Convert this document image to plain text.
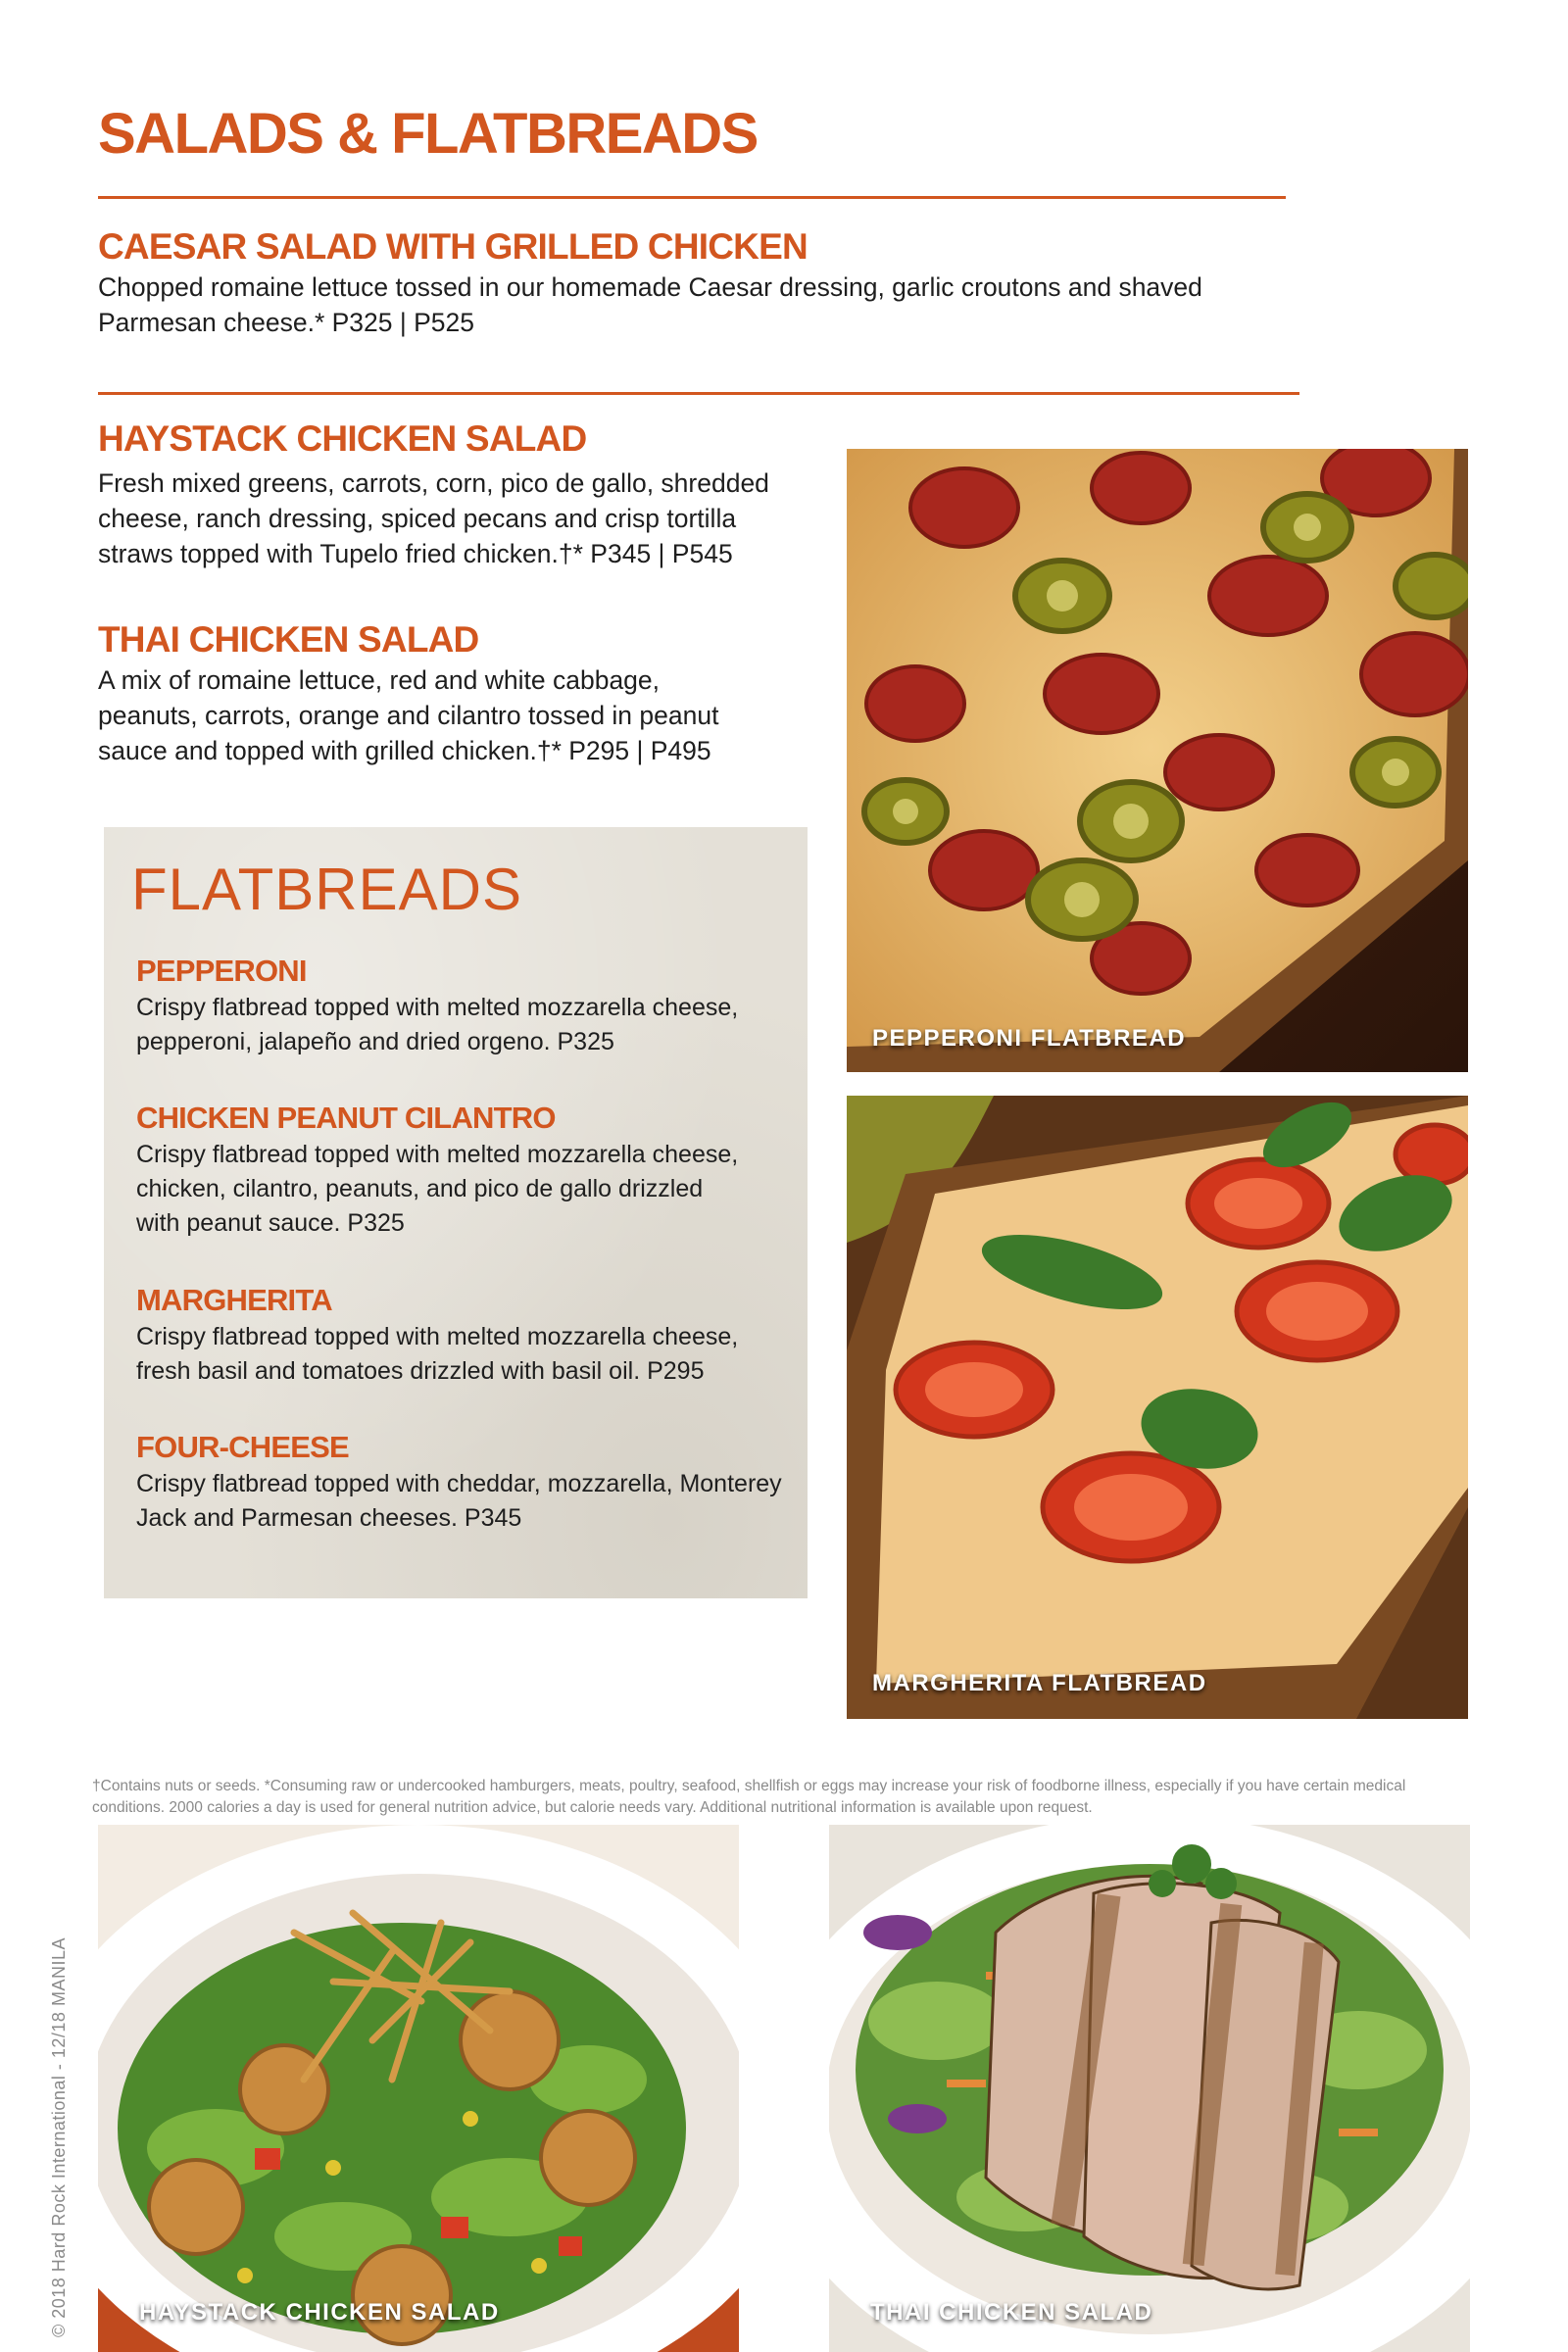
SALADS & FLATBREADS
CAESAR SALAD WITH GRILLED CHICKEN

Chopped romaine lettuce tossed in our homemade Caesar dressing, garlic croutons and shaved
Parmesan cheese.* P325 | P525

HAYSTACK CHICKEN SALAD

Fresh mixed greens, carrots, corn, pico de gallo, shredded
cheese, ranch dressing, spiced pecans and crisp tortilla
straws topped with Tupelo fried chicken.†* P345 | P545

THAI CHICKEN SALAD

A mix of romaine lettuce, red and white cabbage,
peanuts, carrots, orange and cilantro tossed in peanut
sauce and topped with grilled chicken.†* P295 | P495

FLATBREADS
PEPPERONI

Crispy flatbread topped with melted mozzarella cheese,
pepperoni, jalapeño and dried orgeno. P325

CHICKEN PEANUT CILANTRO

Crispy flatbread topped with melted mozzarella cheese,
chicken, cilantro, peanuts, and pico de gallo drizzled
with peanut sauce. P325

MARGHERITA

Crispy flatbread topped with melted mozzarella cheese,
fresh basil and tomatoes drizzled with basil oil. P295

FOUR-CHEESE

Crispy flatbread topped with cheddar, mozzarella, Monterey
Jack and Parmesan cheeses. P345

PEPPERONI FLATBREAD
MARGHERITA FLATBREAD

†Contains nuts or seeds. *Consuming raw or undercooked hamburgers, meats, poultry, seafood, shellfish or eggs may increase your risk of foodborne illness, especially if you have certain medical
conditions. 2000 calories a day is used for general nutrition advice, but calorie needs vary. Additional nutritional information is available upon request.

HAYSTACK CHICKEN SALAD	THAI CHICKEN SALAD
© 2018 Hard Rock International - 12/18 MANILA
